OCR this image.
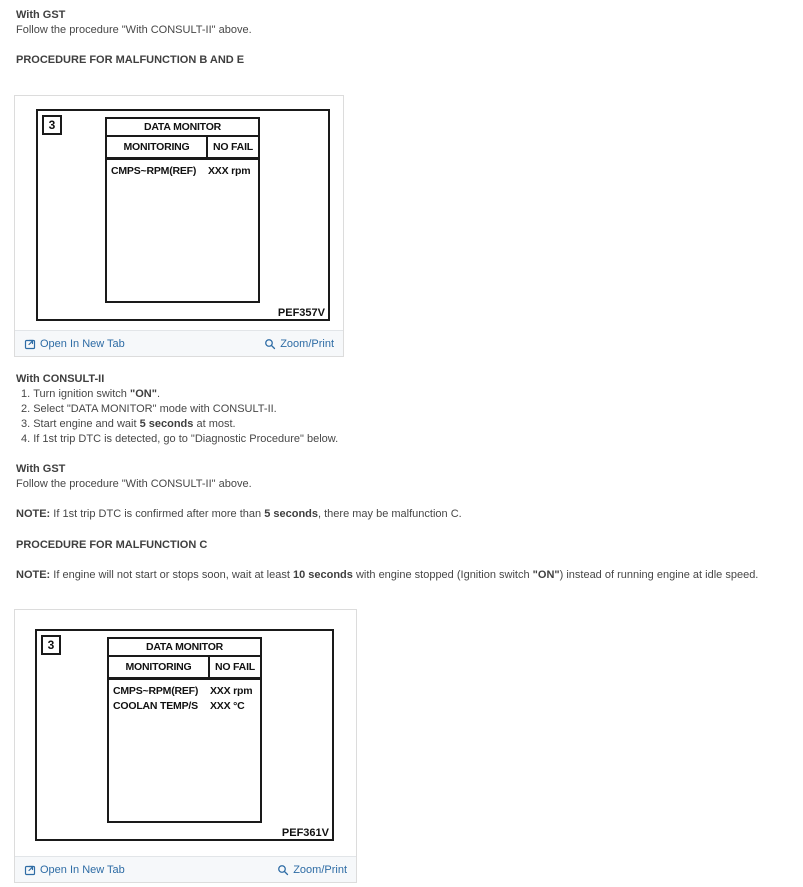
With GST
Follow the procedure "With CONSULT-II" above.
PROCEDURE FOR MALFUNCTION B AND E
3	DATA MONITOR
MONITORING	NO FAIL
CMPS~RPM(REF)	XXX rpm
PEF357V
Open In New Tab	Zoom/Print
With CONSULT-II
1. Turn ignition switch "ON".
2. Select "DATA MONITOR" mode with CONSULT-II.
3. Start engine and wait 5 seconds at most.
4. If 1st trip DTC is detected, go to "Diagnostic Procedure" below.
With GST
Follow the procedure "With CONSULT-II" above.
NOTE: If 1st trip DTC is confirmed after more than 5 seconds, there may be malfunction C.
PROCEDURE FOR MALFUNCTION C
NOTE: If engine will not start or stops soon, wait at least 10 seconds with engine stopped (Ignition switch "ON") instead of running engine at idle speed.
3	DATA MONITOR
MONITORING	NO FAIL
CMPS~RPM(REF)	XXX rpm
COOLAN TEMP/S	XXX °C
PEF361V
Open In New Tab	Zoom/Print
